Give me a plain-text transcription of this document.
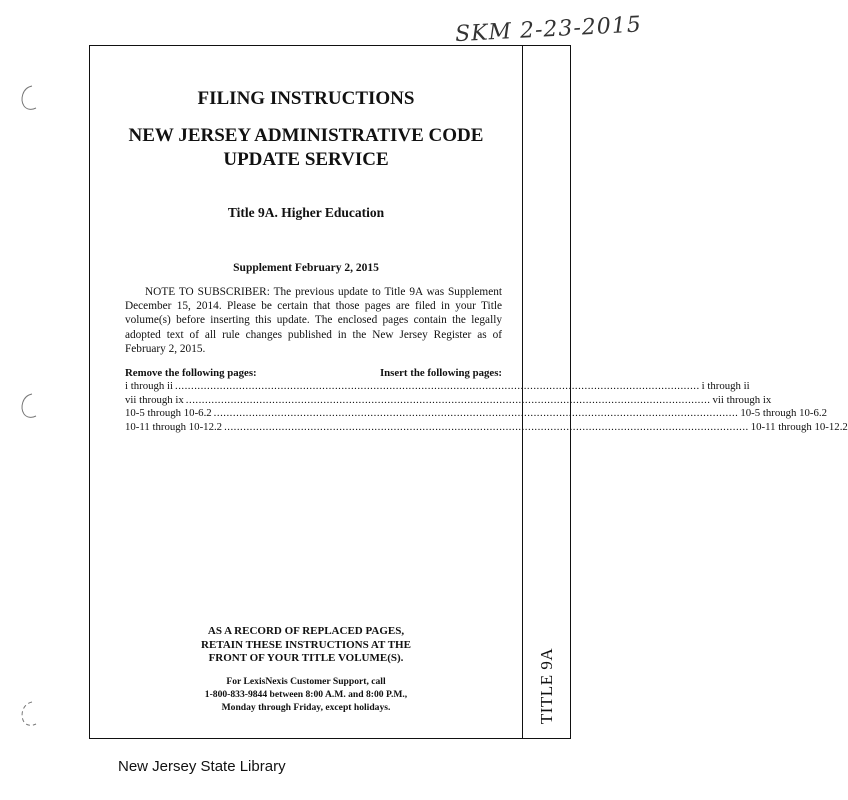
SKM 2-23-2015
TITLE 9A
FILING INSTRUCTIONS
NEW JERSEY ADMINISTRATIVE CODE
UPDATE SERVICE
Title 9A. Higher Education
Supplement February 2, 2015
NOTE TO SUBSCRIBER: The previous update to Title 9A was Supplement December 15, 2014. Please be certain that those pages are filed in your Title volume(s) before inserting this update. The enclosed pages contain the legally adopted text of all rule changes published in the New Jersey Register as of February 2, 2015.
Remove the following pages:	Insert the following pages:
i through ii .................................................................................................................................................................... i through ii
vii through ix .................................................................................................................................................................... vii through ix
10-5 through 10-6.2 .................................................................................................................................................................... 10-5 through 10-6.2
10-11 through 10-12.2 .................................................................................................................................................................... 10-11 through 10-12.2
AS A RECORD OF REPLACED PAGES,
RETAIN THESE INSTRUCTIONS AT THE
FRONT OF YOUR TITLE VOLUME(S).
For LexisNexis Customer Support, call
1-800-833-9844 between 8:00 A.M. and 8:00 P.M.,
Monday through Friday, except holidays.
New Jersey State Library
